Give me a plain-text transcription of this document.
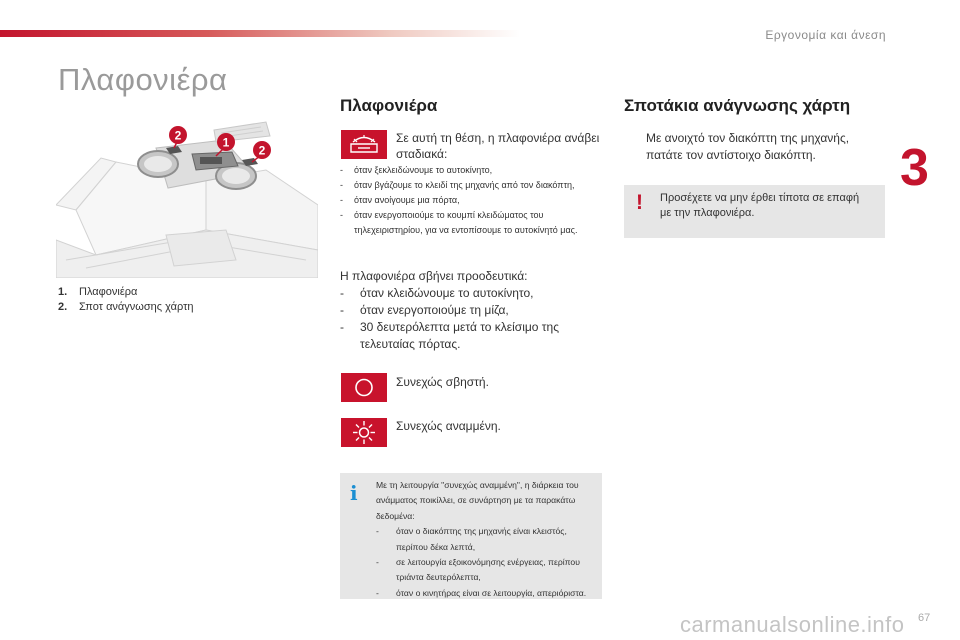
Εργονομία και άνεση
3
Πλαφονιέρα
2	1
2
1.	Πλαφονιέρα
2.	Σποτ ανάγνωσης χάρτη
Πλαφονιέρα
Σε αυτή τη θέση, η πλαφονιέρα ανάβει σταδιακά:
-	όταν ξεκλειδώνουμε το αυτοκίνητο,
-	όταν βγάζουμε το κλειδί της μηχανής από τον διακόπτη,
-	όταν ανοίγουμε μια πόρτα,
-	όταν ενεργοποιούμε το κουμπί κλειδώματος του τηλεχειριστηρίου, για να εντοπίσουμε το αυτοκίνητό μας.
Η πλαφονιέρα σβήνει προοδευτικά:
-	όταν κλειδώνουμε το αυτοκίνητο,
-	όταν ενεργοποιούμε τη μίζα,
-	30 δευτερόλεπτα μετά το κλείσιμο της τελευταίας πόρτας.
Συνεχώς σβηστή.
Συνεχώς αναμμένη.
i Με τη λειτουργία "συνεχώς αναμμένη", η διάρκεια του ανάμματος ποικίλλει, σε συνάρτηση με τα παρακάτω δεδομένα:
-	όταν ο διακόπτης της μηχανής είναι κλειστός, περίπου δέκα λεπτά,
-	σε λειτουργία εξοικονόμησης ενέργειας, περίπου τριάντα δευτερόλεπτα,
-	όταν ο κινητήρας είναι σε λειτουργία, απεριόριστα.
Σποτάκια ανάγνωσης χάρτη
Με ανοιχτό τον διακόπτη της μηχανής, πατάτε τον αντίστοιχο διακόπτη.
! Προσέχετε να μην έρθει τίποτα σε επαφή με την πλαφονιέρα.
carmanualsonline.info 67
